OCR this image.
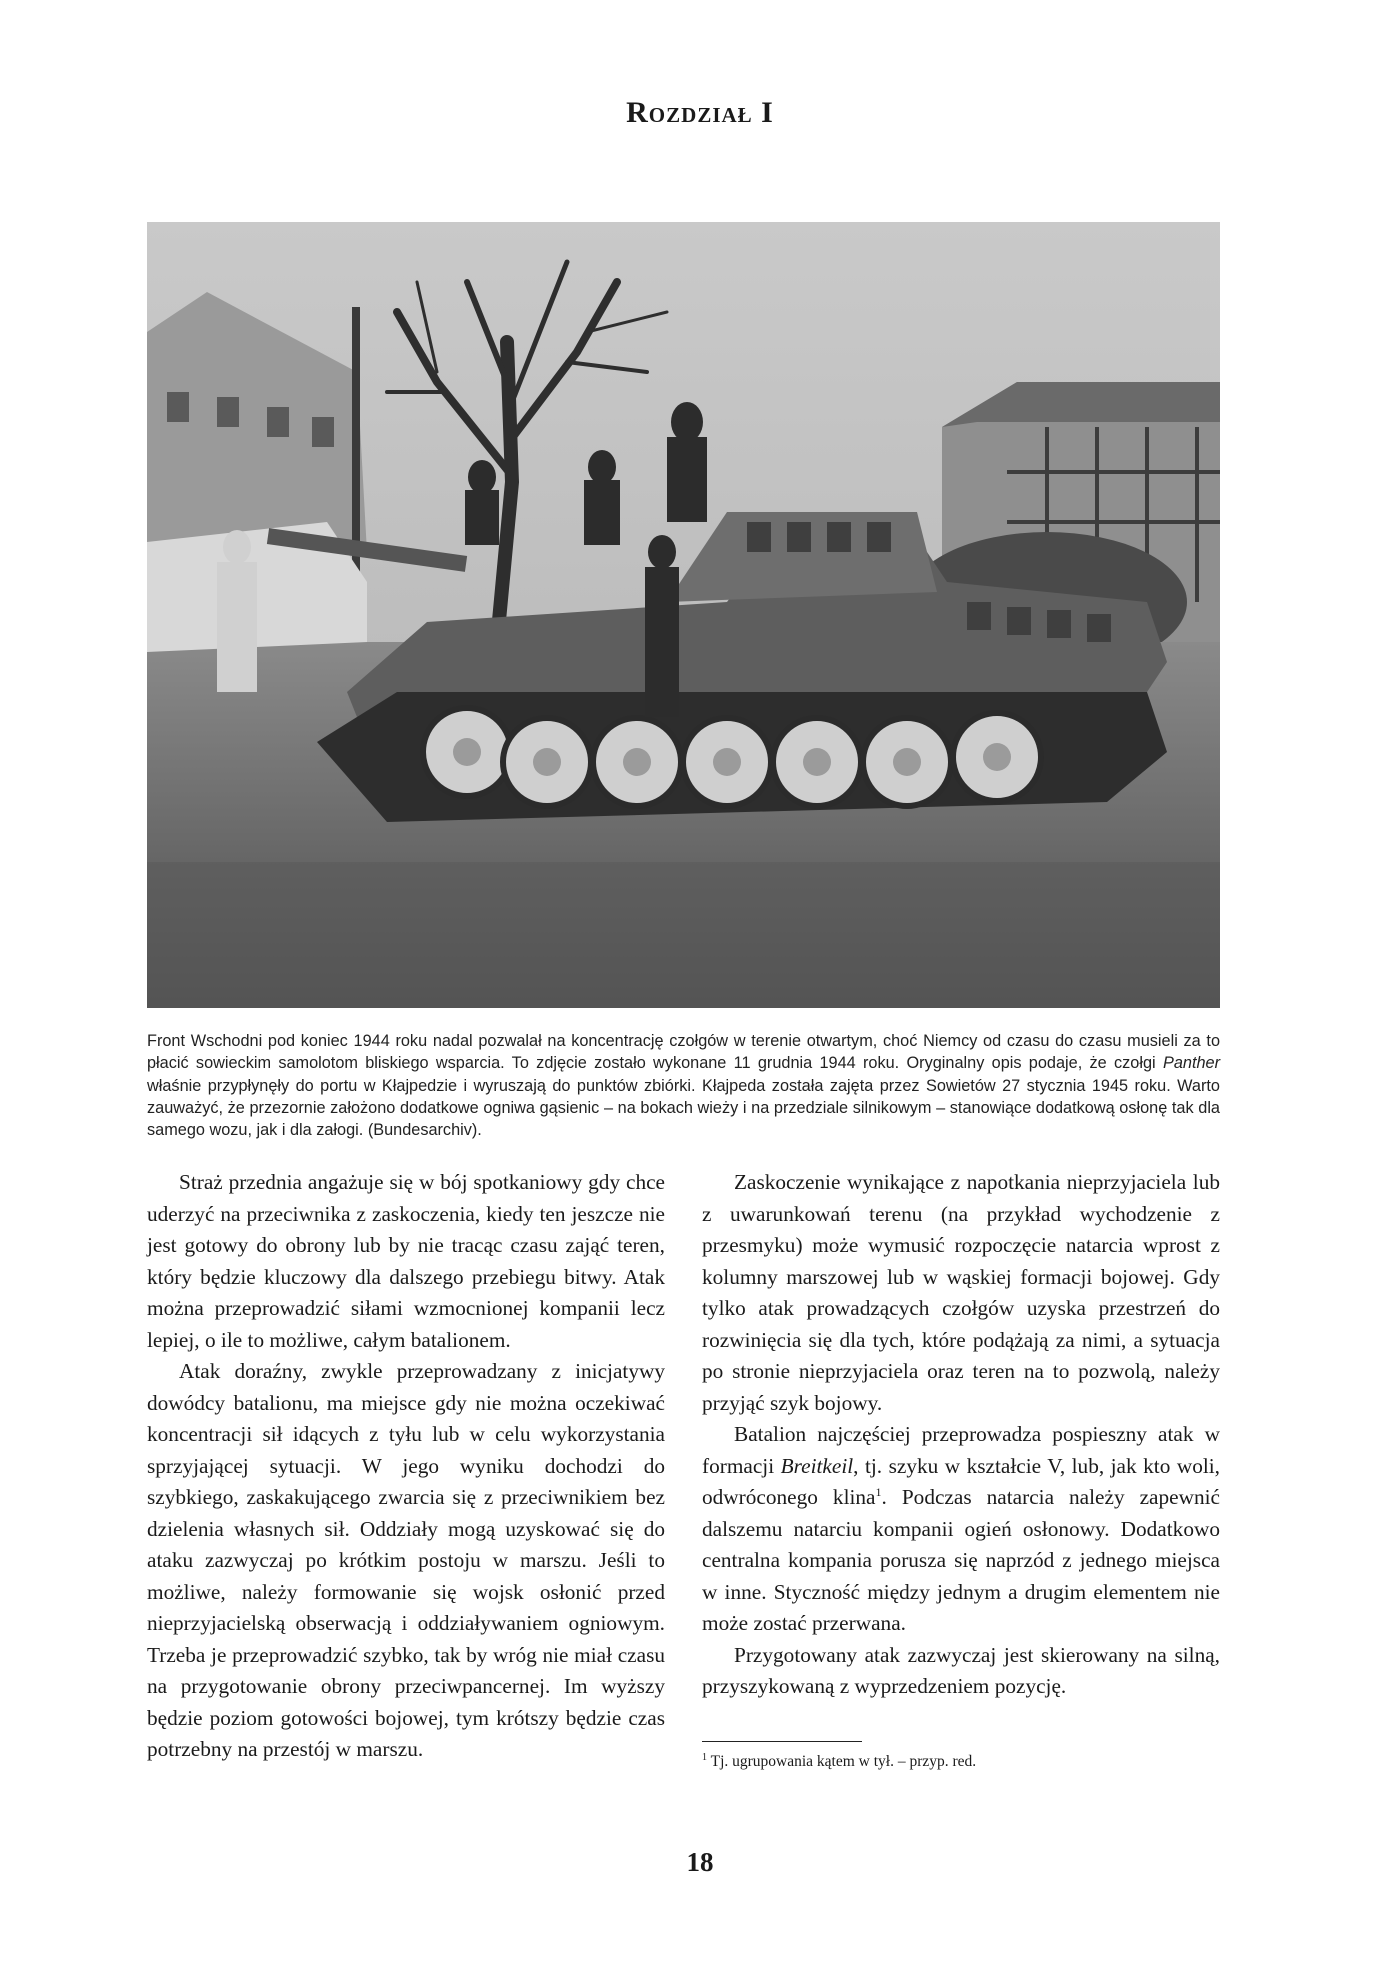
Rozdział I
Front Wschodni pod koniec 1944 roku nadal pozwalał na koncentrację czołgów w terenie otwartym, choć Niemcy od czasu do czasu musieli za to płacić sowieckim samolotom bliskiego wsparcia. To zdjęcie zostało wykonane 11 grudnia 1944 roku. Oryginalny opis podaje, że czołgi Panther właśnie przypłynęły do portu w Kłajpedzie i wyruszają do punktów zbiórki. Kłajpeda została zajęta przez Sowietów 27 stycznia 1945 roku. Warto zauważyć, że przezornie założono dodatkowe ogniwa gąsienic – na bokach wieży i na przedziale silnikowym – stanowiące dodatkową osłonę tak dla samego wozu, jak i dla załogi. (Bundesarchiv).

Straż przednia angażuje się w bój spotkaniowy gdy chce uderzyć na przeciwnika z zaskoczenia, kiedy ten jeszcze nie jest gotowy do obrony lub by nie tracąc czasu zająć teren, który będzie kluczowy dla dalszego przebiegu bitwy. Atak można przeprowadzić siłami wzmocnionej kompanii lecz lepiej, o ile to możliwe, całym batalionem.

Atak doraźny, zwykle przeprowadzany z inicjatywy dowódcy batalionu, ma miejsce gdy nie można oczekiwać koncentracji sił idących z tyłu lub w celu wykorzystania sprzyjającej sytuacji. W jego wyniku dochodzi do szybkiego, zaskakującego zwarcia się z przeciwnikiem bez dzielenia własnych sił. Oddziały mogą uzyskować się do ataku zazwyczaj po krótkim postoju w marszu. Jeśli to możliwe, należy formowanie się wojsk osłonić przed nieprzyjacielską obserwacją i oddziaływaniem ogniowym. Trzeba je przeprowadzić szybko, tak by wróg nie miał czasu na przygotowanie obrony przeciwpancernej. Im wyższy będzie poziom gotowości bojowej, tym krótszy będzie czas potrzebny na przestój w marszu.

Zaskoczenie wynikające z napotkania nieprzyjaciela lub z uwarunkowań terenu (na przykład wychodzenie z przesmyku) może wymusić rozpoczęcie natarcia wprost z kolumny marszowej lub w wąskiej formacji bojowej. Gdy tylko atak prowadzących czołgów uzyska przestrzeń do rozwinięcia się dla tych, które podążają za nimi, a sytuacja po stronie nieprzyjaciela oraz teren na to pozwolą, należy przyjąć szyk bojowy.

Batalion najczęściej przeprowadza pospieszny atak w formacji Breitkeil, tj. szyku w kształcie V, lub, jak kto woli, odwróconego klina$^1$. Podczas natarcia należy zapewnić dalszemu natarciu kompanii ogień osłonowy. Dodatkowo centralna kompania porusza się naprzód z jednego miejsca w inne. Styczność między jednym a drugim elementem nie może zostać przerwana.

Przygotowany atak zazwyczaj jest skierowany na silną, przyszykowaną z wyprzedzeniem pozycję.

$^1$ Tj. ugrupowania kątem w tył. – przyp. red.
18
